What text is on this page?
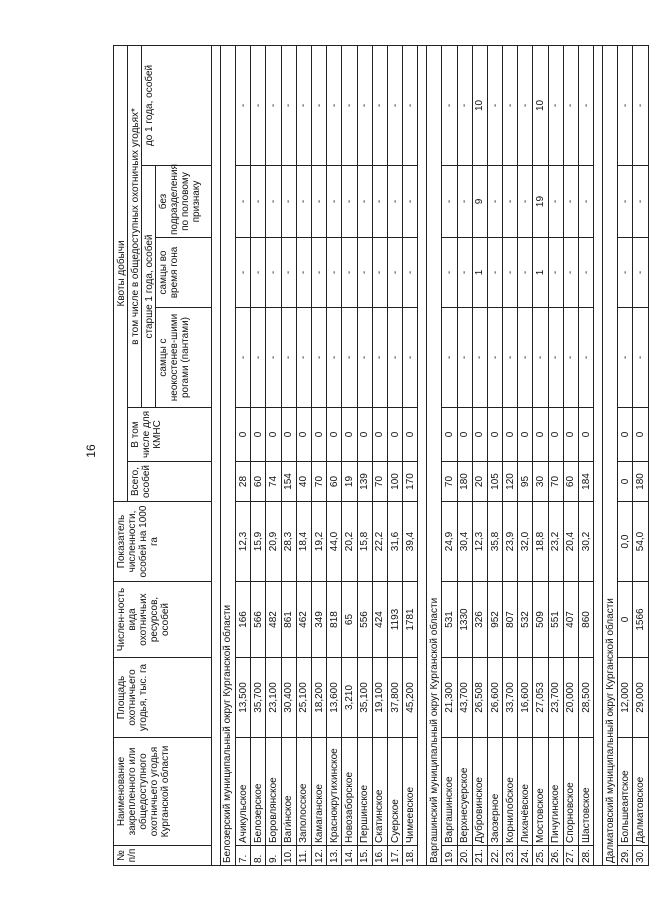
16
№ п/п	Наименование закрепленного или общедоступного охотничьего угодья Курганской области	Площадь охотничьего угодья, тыс. га	Числен-ность вида охотничьих ресурсов, особей	Показатель численности, особей на 1000 га	Квоты добычи					
					Всего, особей	В том числе для КМНС	в том числе в общедоступных охотничьих угодьях*			
							старше 1 года, особей			до 1 года, особей
							самцы с неокостенев-шими рогами (пантами)	самцы во время гона	без подразделения по половому признаку	

Белозерский муниципальный округ Курганской области										
7.	Ачикульское	13,500	166	12,3	28	0	-	-	-	-
8.	Белозерское	35,700	566	15,9	60	0	-	-	-	-
9.	Боровлянское	23,100	482	20,9	74	0	-	-	-	-
10.	Ваги́нское	30,400	861	28,3	154	0	-	-	-	-
11.	Заполосское	25,100	462	18,4	40	0	-	-	-	-
12.	Камаганское	18,200	349	19,2	70	0	-	-	-	-
13.	Краснокрутихинское	13,600	818	44,0	60	0	-	-	-	-
14.	Новозаборское	3,210	65	20,2	19	0	-	-	-	-
15.	Першинское	35,100	556	15,8	139	0	-	-	-	-
16.	Скатинское	19,100	424	22,2	70	0	-	-	-	-
17.	Суерское	37,800	1193	31,6	100	0	-	-	-	-
18.	Чимеевское	45,200	1781	39,4	170	0	-	-	-	-

Варгашинский муниципальный округ Курганской области										
19.	Варгашинское	21,300	531	24,9	70	0	-	-	-	-
20.	Верхнесуерское	43,700	1330	30,4	180	0	-	-	-	-
21.	Дубровинское	26,508	326	12,3	20	0	-	1	9	10
22.	Заозерное	26,600	952	35,8	105	0	-	-	-	-
23.	Корнилобское	33,700	807	23,9	120	0	-	-	-	-
24.	Лихачёвское	16,600	532	32,0	95	0	-	-	-	-
25.	Мостовское	27,053	509	18,8	30	0	-	1	19	10
26.	Пичугинское	23,700	551	23,2	70	0	-	-	-	-
27.	Спорновское	20,000	407	20,4	60	0	-	-	-	-
28.	Шастовское	28,500	860	30,2	184	0	-	-	-	-

Далматовский муниципальный округ Курганской области										
29.	Большеаятское	12,000	0	0,0	0	0	-	-	-	-
30.	Далматовское	29,000	1566	54,0	180	0	-	-	-	-
